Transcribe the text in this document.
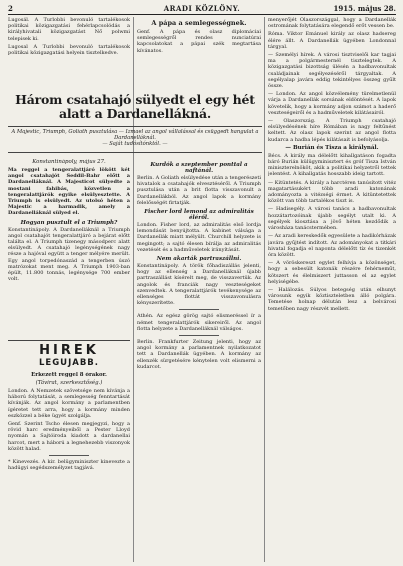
2	ARADI KÖZLÖNY.	1915. május 28.

Lugosál. A Turlobbi bevonuló tartalékosok politikai közigazgatási fehérlapcsolódás a királyhivatali közigazgatást Nő polwmi telepisek ki.

Lugosal A Turlobbi bevonuló tartalékosok politikai közigazgatási helyein tisztelkedve.

A pápa a semlegességnek.

Genf. A pápa és olasz diplomáciai semlegességről rendes nunciatúrai kapcsolatokat a pápai szék megtartása kívánatos.

Három csatahajó sülyedt el egy hét alatt a Dardanellákná.
A Majestic, Triumph, Goliath pusztulása — Izmael az angol vállalással és csüggedt hangulat a Dardanelláknál.
— Saját tudósítónktól. —
Konstantinápoly, május 27.

Ma reggel a tengeralattjáró lökött két angol csatahajót Seddil-Bahr előtt a Dardanelláknál. A Majesticot sülyedte a mostani fahibás, közvetlen a tengeralattjárók egyike elsülyesztette. A Triumph is elsülyedt. Az utolsó héten a Majestic a harmadik, amely a Dardanelláknál sülyed el.

Hogyan pusztult el a Triumph?

Konstantinápoly. A Dardanelláknál a Triumph angol csatahajót tengeralattjáró a bejárat előtt találta el. A Triumph tizenegy másodperc alatt elsülyedt. A csatahajó legénységének nagy része a hajóval együtt a tenger mélyére merült. Egy angol torpedónaszád a tengerben úszó matrózokat ment meg. A Triumph 1903-ban épült, 11.800 tonnás, legénysége 700 ember volt.

HIREK
LEGUJABB.
Érkezett reggel 8 órakor.
(Távirat, szerkesztőség.)

London. A Nemzetek szövetsége nem kívánja a háború folytatását, a semlegesség fenntartását kívánják. Az angol kormány a parlamentben ígéretet tett arra, hogy a kormány minden eszközzel a béke ügyét szolgálja.

Genf. Szerint Tscho élesen megjegyzi, hogy a rövid harc eredményeiből a Pester Lloyd nyomán a Sajtóiroda kiadott a dardanellai harcot, mert a háború a legnehezebb viszonyok között halad.

* Kinevezés. A kir. belügyminiszter kinevezte a hadügyi segédszemélyzet tagjává.

Kurdók a szeptember ponttal a naftánál.

Berlin. A Goliath elsülyedése után a tengerészeti hivatalok a csatahajók elvesztéséről. A Triumph pusztulása után a brit flotta visszavonult a Dardanellákból. Az angol lapok a kormány felelősségét firtatják.

Fischer lord lemond az admiralitás éléről.

London. Fisher lord, az admiralitás első lordja lemondását benyújtotta. A kabinet válsága a Dardanellák miatt mélyült. Churchill helyzete is megingott; a sajtó élesen bírálja az admiralitás vezetését és a hadműveletek irányítását.

Nem akarták partraszállni.

Konstantinápoly. A török főhadiszállás jelenti, hogy az ellenség a Dardanelláknál újabb partraszállást kísérelt meg, de visszavertük. Az angolok és franciák nagy veszteségeket szenvedtek. A tengeralattjárók tevékenysége az ellenséges flottát visszavonulásra kényszerítette.

Athén. Az egész görög sajtó elismeréssel ír a német tengeralattjárók sikereiről. Az angol flotta helyzete a Dardanelláknál válságos.

Berlin. Frankfurter Zeitung jelenti, hogy az angol kormány a parlamentnek nyilatkozatot tett a Dardanellák ügyében. A kormány az ellenzék sürgetésére kénytelen volt elismerni a kudarcot.

menyerőjét Olaszországgal, hogy a Dardanellák ostromának folytatására elegendő erőt vessen be.

Róma. Viktor Emánuel király az olasz hadsereg élére állt. A Dardanellák ügyében Londonnal tárgyal.

— Személyi hírek. A városi tisztviselői kar tagjai ma a polgármesternél tisztelegtek. A közigazgatási bizottság ülésén a hadbavonultak családjainak segélyezéséről tárgyaltak. A segélyalap javára eddig tekintélyes összeg gyűlt össze.

— London. Az angol közvélemény türelmetlenül várja a Dardanellák sorsának eldöntését. A lapok követelik, hogy a kormány adjon számot a haderő veszteségeiről és a hadműveletek kilátásairól.

— Olaszország. A Triumph csatahajó elsülyedésének híre Rómában is nagy feltűnést keltett. Az olasz lapok szerint az angol flotta kudarca a hadba lépés kilátásait is befolyásolja.

— Burián és Tisza a királynál.

Bécs. A király ma délelőtt kihallgatáson fogadta báró Burián külügyminisztert és gróf Tisza István miniszterelnököt, akik a politikai helyzetről tettek jelentést. A kihallgatás hosszabb ideig tartott.

— Kitüntetés. A király a harctéren tanúsított vitéz magatartásukért több aradi katonának adományozta a vitézségi érmet. A kitüntetettek között van több tartalékos tiszt is.

— Hadisegély. A városi tanács a hadbavonultak hozzátartozóinak újabb segélyt utalt ki. A segélyek kiosztása a jövő héten kezdődik a városháza tanácstermében.

— Az aradi kereskedők egyesülete a hadikórházak javára gyűjtést indított. Az adományokat a titkári hivatal fogadja el naponta délelőtt tíz és tizenkét óra között.

— A vöröskereszt egylet felhívja a közönséget, hogy a sebesült katonák részére fehérneműt, kötszert és élelmiszert juttasson el az egylet helyiségébe.

— Halálozás. Súlyos betegség után elhunyt városunk egyik köztiszteletben álló polgára. Temetése holnap délután lesz a belvárosi temetőben nagy részvét mellett.
